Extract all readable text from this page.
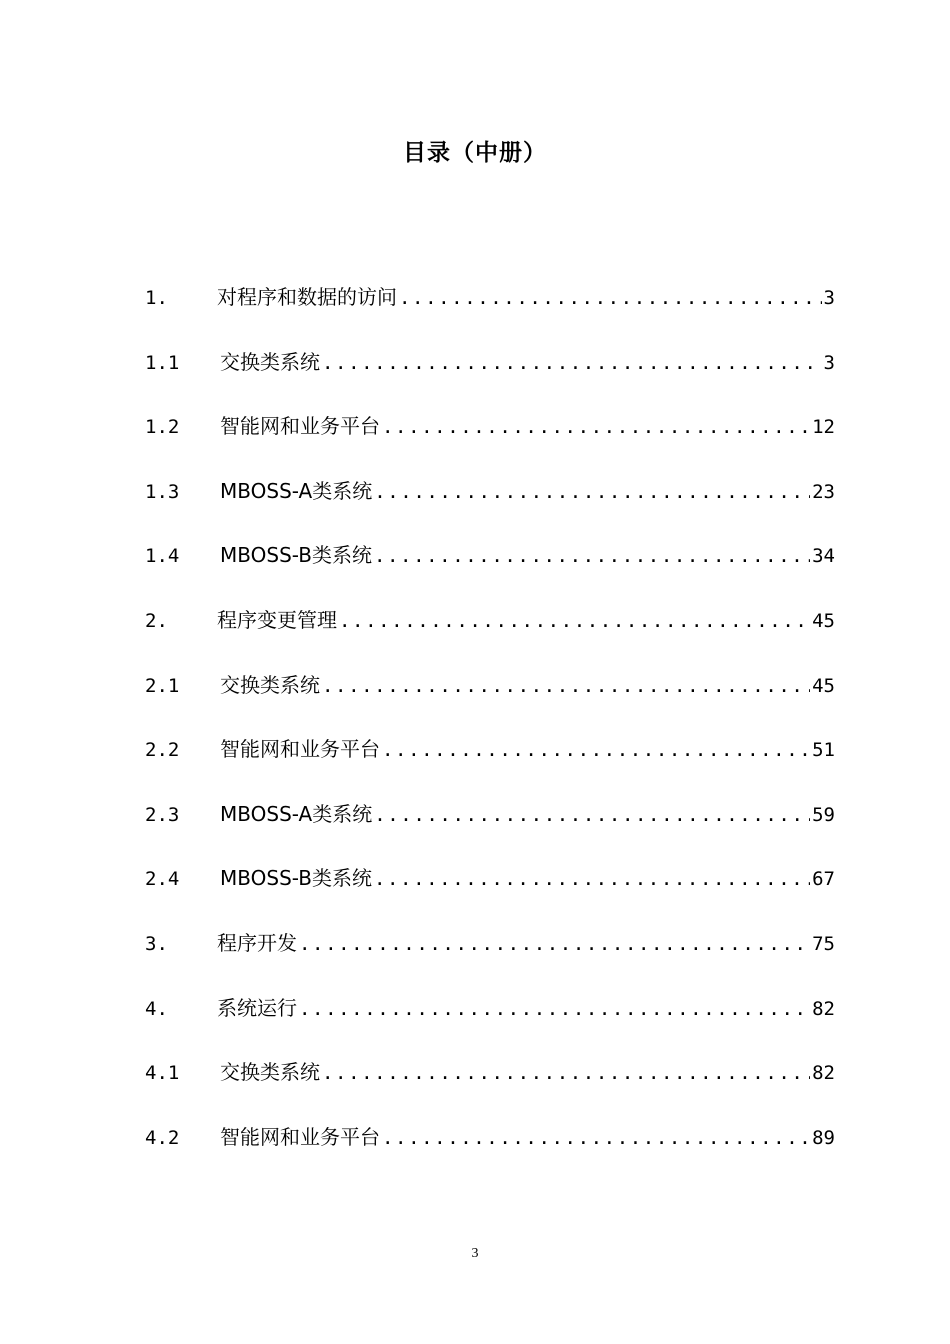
目录（中册）
1.	对程序和数据的访问 .....	3
1.1	交换类系统 .....	3
1.2	智能网和业务平台 .....	12
1.3	MBOSS-A类系统 .....	23
1.4	MBOSS-B类系统 .....	34
2.	程序变更管理 .....	45
2.1	交换类系统 .....	45
2.2	智能网和业务平台 .....	51
2.3	MBOSS-A类系统 .....	59
2.4	MBOSS-B类系统 .....	67
3.	程序开发 .....	75
4.	系统运行 .....	82
4.1	交换类系统 .....	82
4.2	智能网和业务平台 .....	89
3
